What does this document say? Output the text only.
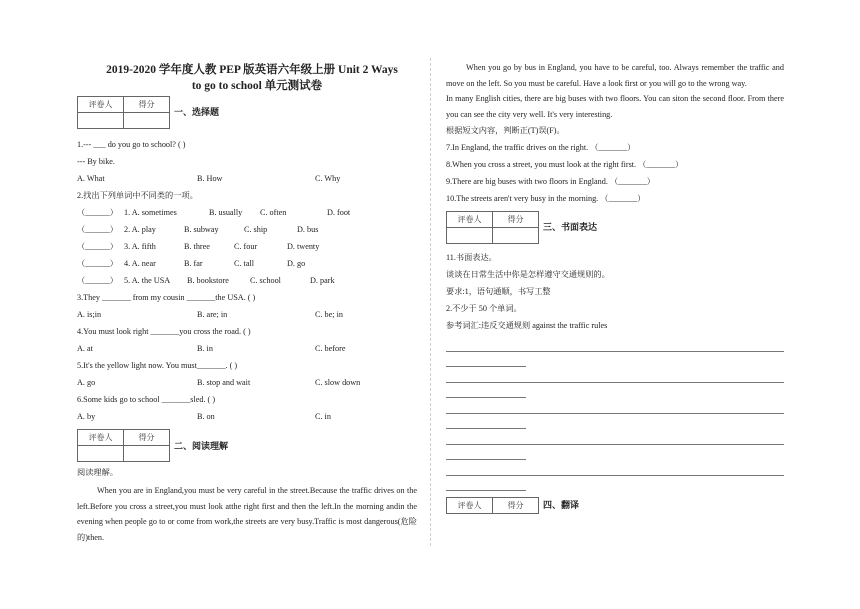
2019-2020 学年度人教 PEP 版英语六年级上册 Unit 2 Ways
to go to school 单元测试卷
评卷人	得分

一、选择题
1.--- ___ do you go to school? ( )
--- By bike.
A. What	B. How	C. Why
2.找出下列单词中不同类的一项。
（______） 1. A. sometimes	B. usually C. often	D. foot
（______） 2. A. play	B. subway	C. ship	D. bus
（______） 3. A. fifth	B. three	C. four	D. twenty
（______） 4. A. near	B. far	C. tall	D. go
（______） 5. A. the USA B. bookstore	C. school	D. park
3.They _______ from my cousin _______the USA. ( )
A. is;in	B. are; in	C. be; in
4.You must look right _______you cross the road. ( )
A. at	B. in	C. before
5.It's the yellow light now. You must_______. ( )
A. go	B. stop and wait	C. slow down
6.Some kids go to school _______sled. ( )
A. by	B. on	C. in
评卷人	得分

二、阅读理解
阅读理解。
When you are in England,you must be very careful in the street.Because the traffic drives on the left.Before you cross a street,you must look atthe right first and then the left.In the morning andin the evening when people go to or come from work,the streets are very busy.Traffic is most dangerous(危险的)then.
When you go by bus in England, you have to be careful, too. Always remember the traffic and move on the left. So you must be careful. Have a look first or you will go to the wrong way.
In many English cities, there are big buses with two floors. You can siton the second floor. From there you can see the city very well. It's very interesting.
根据短文内容，判断正(T)误(F)。
7.In England, the traffic drives on the right. （_______）
8.When you cross a street, you must look at the right first. （_______）
9.There are big buses with two floors in England. （_______）
10.The streets aren't very busy in the morning. （_______）
评卷人	得分

三、书面表达
11.书面表达。
谈谈在日常生活中你是怎样遵守交通规则的。
要求:1，语句通顺，书写工整
2.不少于 50 个单词。
参考词汇:违反交通规则 against the traffic rules
评卷人	得分 四、翻译
